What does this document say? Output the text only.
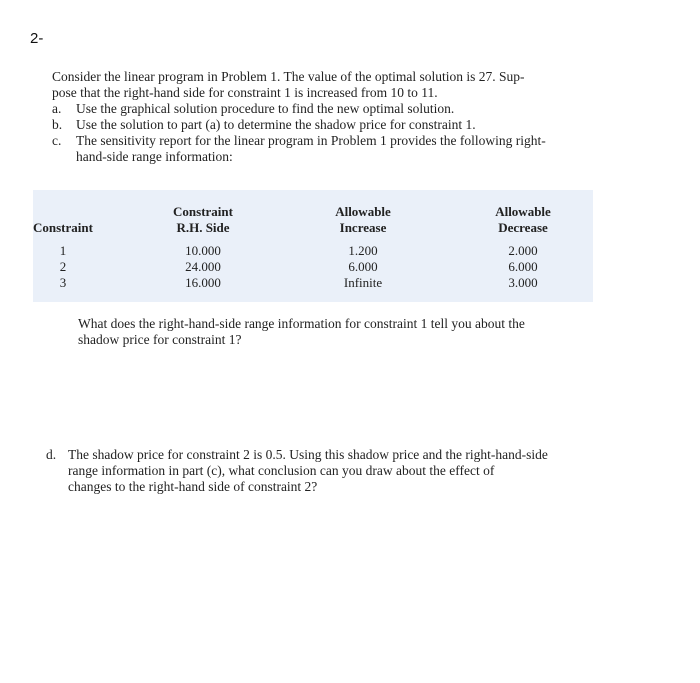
2-
Consider the linear program in Problem 1. The value of the optimal solution is 27. Sup-
pose that the right-hand side for constraint 1 is increased from 10 to 11.
a. Use the graphical solution procedure to find the new optimal solution.
b. Use the solution to part (a) to determine the shadow price for constraint 1.
c. The sensitivity report for the linear program in Problem 1 provides the following right-
hand-side range information:
Constraint
Constraint
R.H. Side
Allowable
Increase
Allowable
Decrease
1
2
3
10.000
24.000
16.000
1.200
6.000
Infinite
2.000
6.000
3.000
What does the right-hand-side range information for constraint 1 tell you about the
shadow price for constraint 1?
d. The shadow price for constraint 2 is 0.5. Using this shadow price and the right-hand-side
range information in part (c), what conclusion can you draw about the effect of
changes to the right-hand side of constraint 2?
